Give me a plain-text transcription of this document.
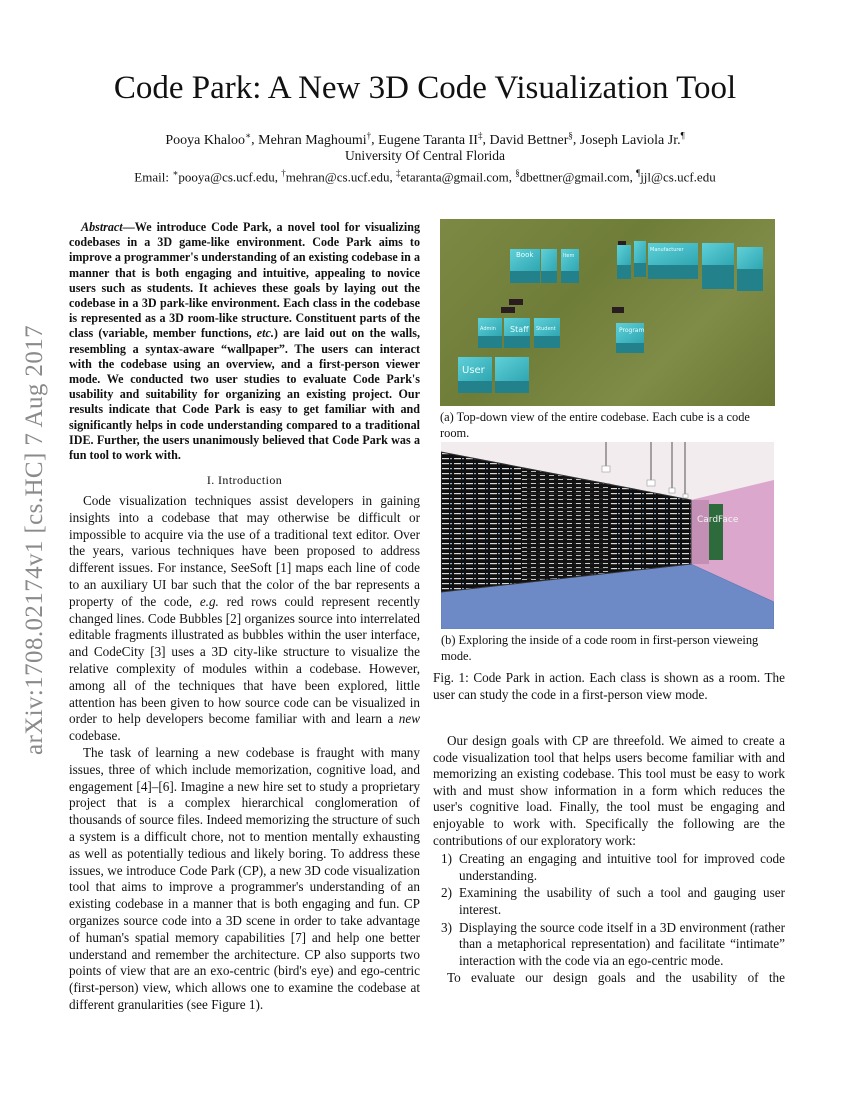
arXiv:1708.02174v1 [cs.HC] 7 Aug 2017
Code Park: A New 3D Code Visualization Tool
Pooya Khaloo∗, Mehran Maghoumi†, Eugene Taranta II‡, David Bettner§, Joseph Laviola Jr.¶
University Of Central Florida
Email: ∗pooya@cs.ucf.edu, †mehran@cs.ucf.edu, ‡etaranta@gmail.com, §dbettner@gmail.com, ¶jjl@cs.ucf.edu

Abstract—We introduce Code Park, a novel tool for visualizing codebases in a 3D game-like environment. Code Park aims to improve a programmer's understanding of an existing codebase in a manner that is both engaging and intuitive, appealing to novice users such as students. It achieves these goals by laying out the codebase in a 3D park-like environment. Each class in the codebase is represented as a 3D room-like structure. Constituent parts of the class (variable, member functions, etc.) are laid out on the walls, resembling a syntax-aware “wallpaper”. The users can interact with the codebase using an overview, and a first-person viewer mode. We conducted two user studies to evaluate Code Park's usability and suitability for organizing an existing project. Our results indicate that Code Park is easy to get familiar with and significantly helps in code understanding compared to a traditional IDE. Further, the users unanimously believed that Code Park was a fun tool to work with.

I. Introduction

Code visualization techniques assist developers in gaining insights into a codebase that may otherwise be difficult or impossible to acquire via the use of a traditional text editor. Over the years, various techniques have been proposed to address different issues. For instance, SeeSoft [1] maps each line of code to an auxiliary UI bar such that the color of the bar represents a property of the code, e.g. red rows could represent recently changed lines. Code Bubbles [2] organizes source into interrelated editable fragments illustrated as bubbles within the user interface, and CodeCity [3] uses a 3D city-like structure to visualize the relative complexity of modules within a codebase. However, among all of the techniques that have been explored, little attention has been given to how source code can be visualized in order to help developers become familiar with and learn a new codebase.

The task of learning a new codebase is fraught with many issues, three of which include memorization, cognitive load, and engagement [4]–[6]. Imagine a new hire set to study a proprietary project that is a complex hierarchical conglomeration of thousands of source files. Indeed memorizing the structure of such a system is a difficult chore, not to mention mentally exhausting as well as potentially tedious and likely boring. To address these issues, we introduce Code Park (CP), a new 3D code visualization tool that aims to improve a programmer's understanding of an existing codebase in a manner that is both engaging and fun. CP organizes source code into a 3D scene in order to take advantage of human's spatial memory capabilities [7] and help one better understand and remember the architecture. CP also supports two points of view that are an exo-centric (bird's eye) and ego-centric (first-person) view, which allows one to examine the codebase at different granularities (see Figure 1).

Book	Item
Manufacturer
Admin Staff Student	Program
User
(a) Top-down view of the entire codebase. Each cube is a code room.
CardFace
(b) Exploring the inside of a code room in first-person vieweing mode.
Fig. 1: Code Park in action. Each class is shown as a room. The user can study the code in a first-person view mode.

Our design goals with CP are threefold. We aimed to create a code visualization tool that helps users become familiar with and memorizing an existing codebase. This tool must be easy to work with and must show information in a form which reduces the user's cognitive load. Finally, the tool must be engaging and enjoyable to work with. Specifically the following are the contributions of our exploratory work:

1) Creating an engaging and intuitive tool for improved code understanding.
2) Examining the usability of such a tool and gauging user interest.
3) Displaying the source code itself in a 3D environment (rather than a metaphorical representation) and facilitate “intimate” interaction with the code via an ego-centric mode.

To evaluate our design goals and the usability of the
